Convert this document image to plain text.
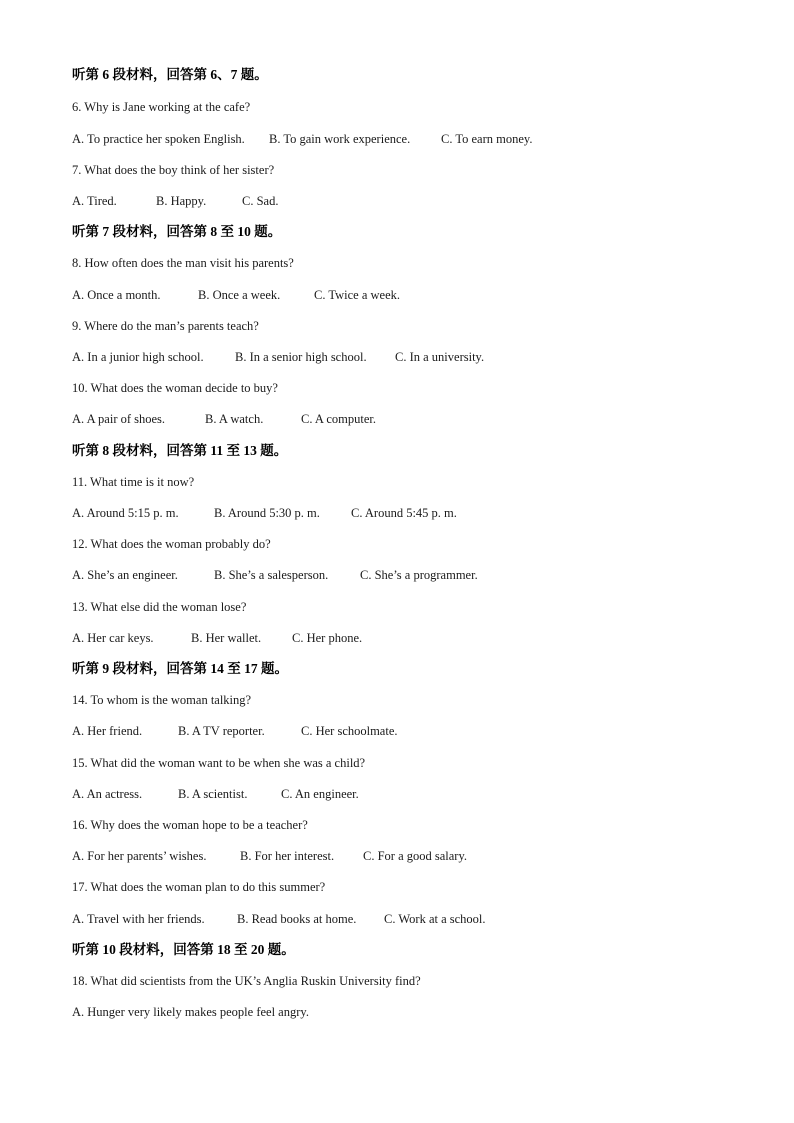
听第 6 段材料，回答第 6、7 题。
6. Why is Jane working at the cafe?
A. To practice her spoken English. B. To gain work experience. C. To earn money.
7. What does the boy think of her sister?
A. Tired.	B. Happy.	C. Sad.
听第 7 段材料，回答第 8 至 10 题。
8. How often does the man visit his parents?
A. Once a month.	B. Once a week.	C. Twice a week.
9. Where do the man’s parents teach?
A. In a junior high school.	B. In a senior high school. C. In a university.
10. What does the woman decide to buy?
A. A pair of shoes.	B. A watch.	C. A computer.
听第 8 段材料，回答第 11 至 13 题。
11. What time is it now?
A. Around 5:15 p. m.	B. Around 5:30 p. m. C. Around 5:45 p. m.
12. What does the woman probably do?
A. She’s an engineer.	B. She’s a salesperson.	C. She’s a programmer.
13. What else did the woman lose?
A. Her car keys.	B. Her wallet. C. Her phone.
听第 9 段材料，回答第 14 至 17 题。
14. To whom is the woman talking?
A. Her friend.	B. A TV reporter.	C. Her schoolmate.
15. What did the woman want to be when she was a child?
A. An actress.	B. A scientist.	C. An engineer.
16. Why does the woman hope to be a teacher?
A. For her parents’ wishes.	B. For her interest. C. For a good salary.
17. What does the woman plan to do this summer?
A. Travel with her friends.	B. Read books at home. C. Work at a school.
听第 10 段材料，回答第 18 至 20 题。
18. What did scientists from the UK’s Anglia Ruskin University find?
A. Hunger very likely makes people feel angry.
